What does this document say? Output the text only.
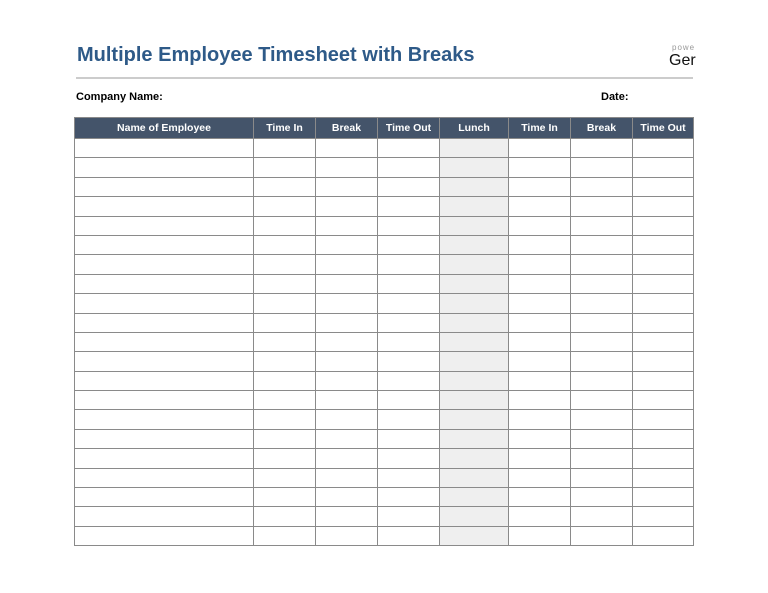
Multiple Employee Timesheet with Breaks	powe
Ger
Company Name:	Date:
Name of Employee	Time In	Break	Time Out	Lunch	Time In	Break	Time Out
